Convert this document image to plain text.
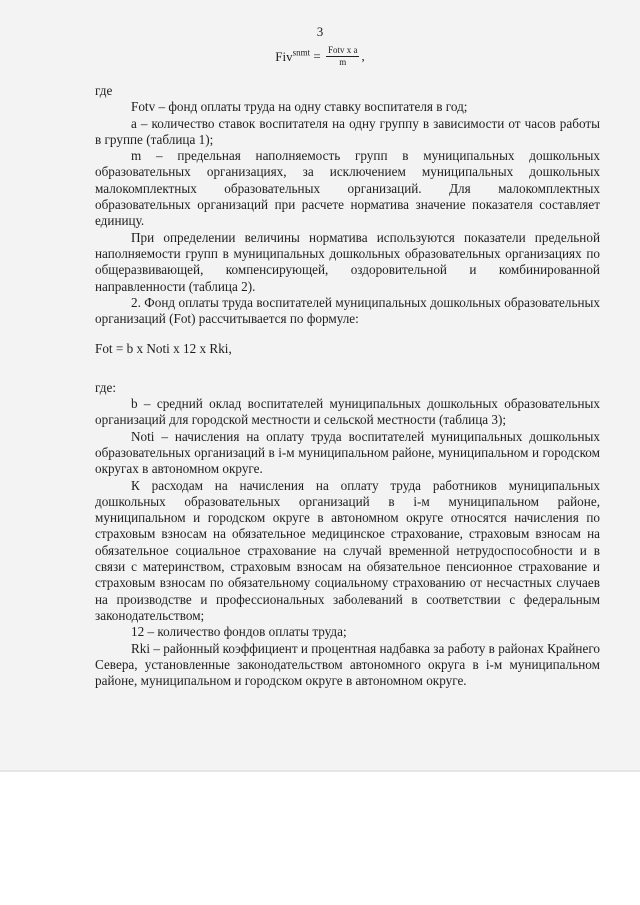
3
$Fiv^{snmt} = \frac{\text{Fotv x a}}{m}$ ,

где

Fotv – фонд оплаты труда на одну ставку воспитателя в год;

а – количество ставок воспитателя на одну группу в зависимости от часов работы в группе (таблица 1);

m – предельная наполняемость групп в муниципальных дошкольных образовательных организациях, за исключением муниципальных дошкольных малокомплектных образовательных организаций. Для малокомплектных образовательных организаций при расчете норматива значение показателя составляет единицу.

При определении величины норматива используются показатели предельной наполняемости групп в муниципальных дошкольных образовательных организациях по общеразвивающей, компенсирующей, оздоровительной и комбинированной направленности (таблица 2).

2. Фонд оплаты труда воспитателей муниципальных дошкольных образовательных организаций (Fot) рассчитывается по формуле:

Fot = b x Noti x 12 x Rki,

где:

b – средний оклад воспитателей муниципальных дошкольных образовательных организаций для городской местности и сельской местности (таблица 3);

Noti – начисления на оплату труда воспитателей муниципальных дошкольных образовательных организаций в i-м муниципальном районе, муниципальном и городском округах в автономном округе.

К расходам на начисления на оплату труда работников муниципальных дошкольных образовательных организаций в i-м муниципальном районе, муниципальном и городском округе в автономном округе относятся начисления по страховым взносам на обязательное медицинское страхование, страховым взносам на обязательное социальное страхование на случай временной нетрудоспособности и в связи с материнством, страховым взносам на обязательное пенсионное страхование и страховым взносам по обязательному социальному страхованию от несчастных случаев на производстве и профессиональных заболеваний в соответствии с федеральным законодательством;

12 – количество фондов оплаты труда;

Rki – районный коэффициент и процентная надбавка за работу в районах Крайнего Севера, установленные законодательством автономного округа в i-м муниципальном районе, муниципальном и городском округе в автономном округе.
